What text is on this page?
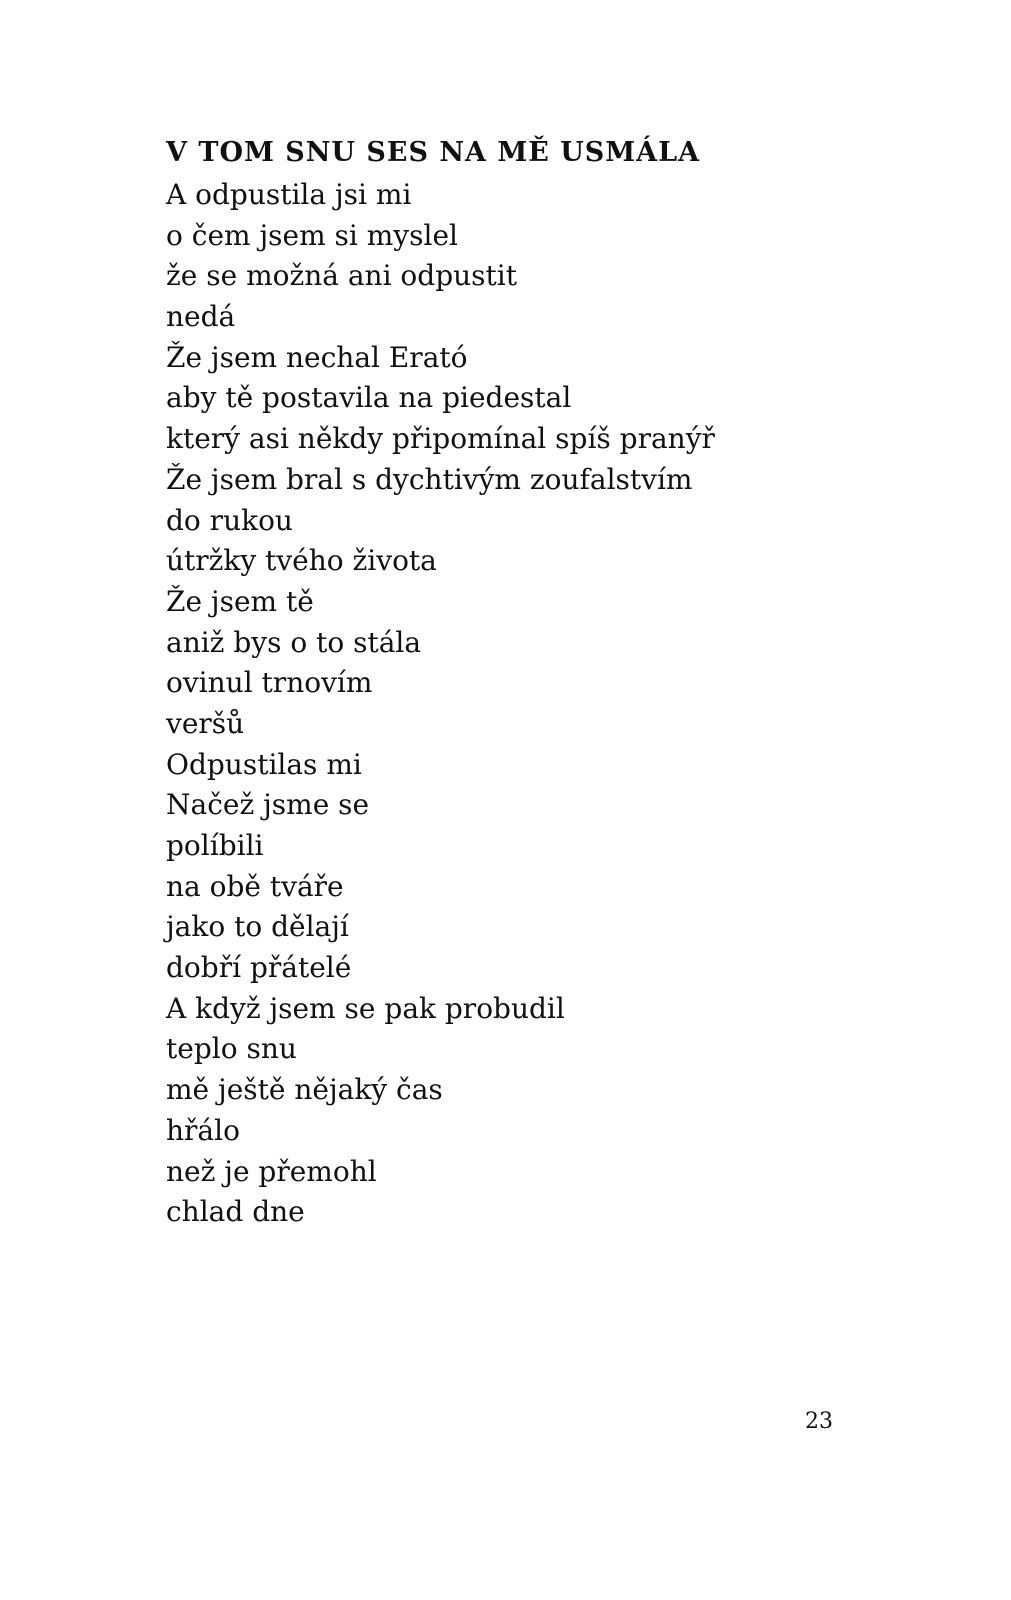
V TOM SNU SES NA MĚ USMÁLA
A odpustila jsi mi
o čem jsem si myslel
že se možná ani odpustit
nedá
Že jsem nechal Erató
aby tě postavila na piedestal
který asi někdy připomínal spíš pranýř
Že jsem bral s dychtivým zoufalstvím
do rukou
útržky tvého života
Že jsem tě
aniž bys o to stála
ovinul trnovím
veršů
Odpustilas mi
Načež jsme se
políbili
na obě tváře
jako to dělají
dobří přátelé
A když jsem se pak probudil
teplo snu
mě ještě nějaký čas
hřálo
než je přemohl
chlad dne
23
